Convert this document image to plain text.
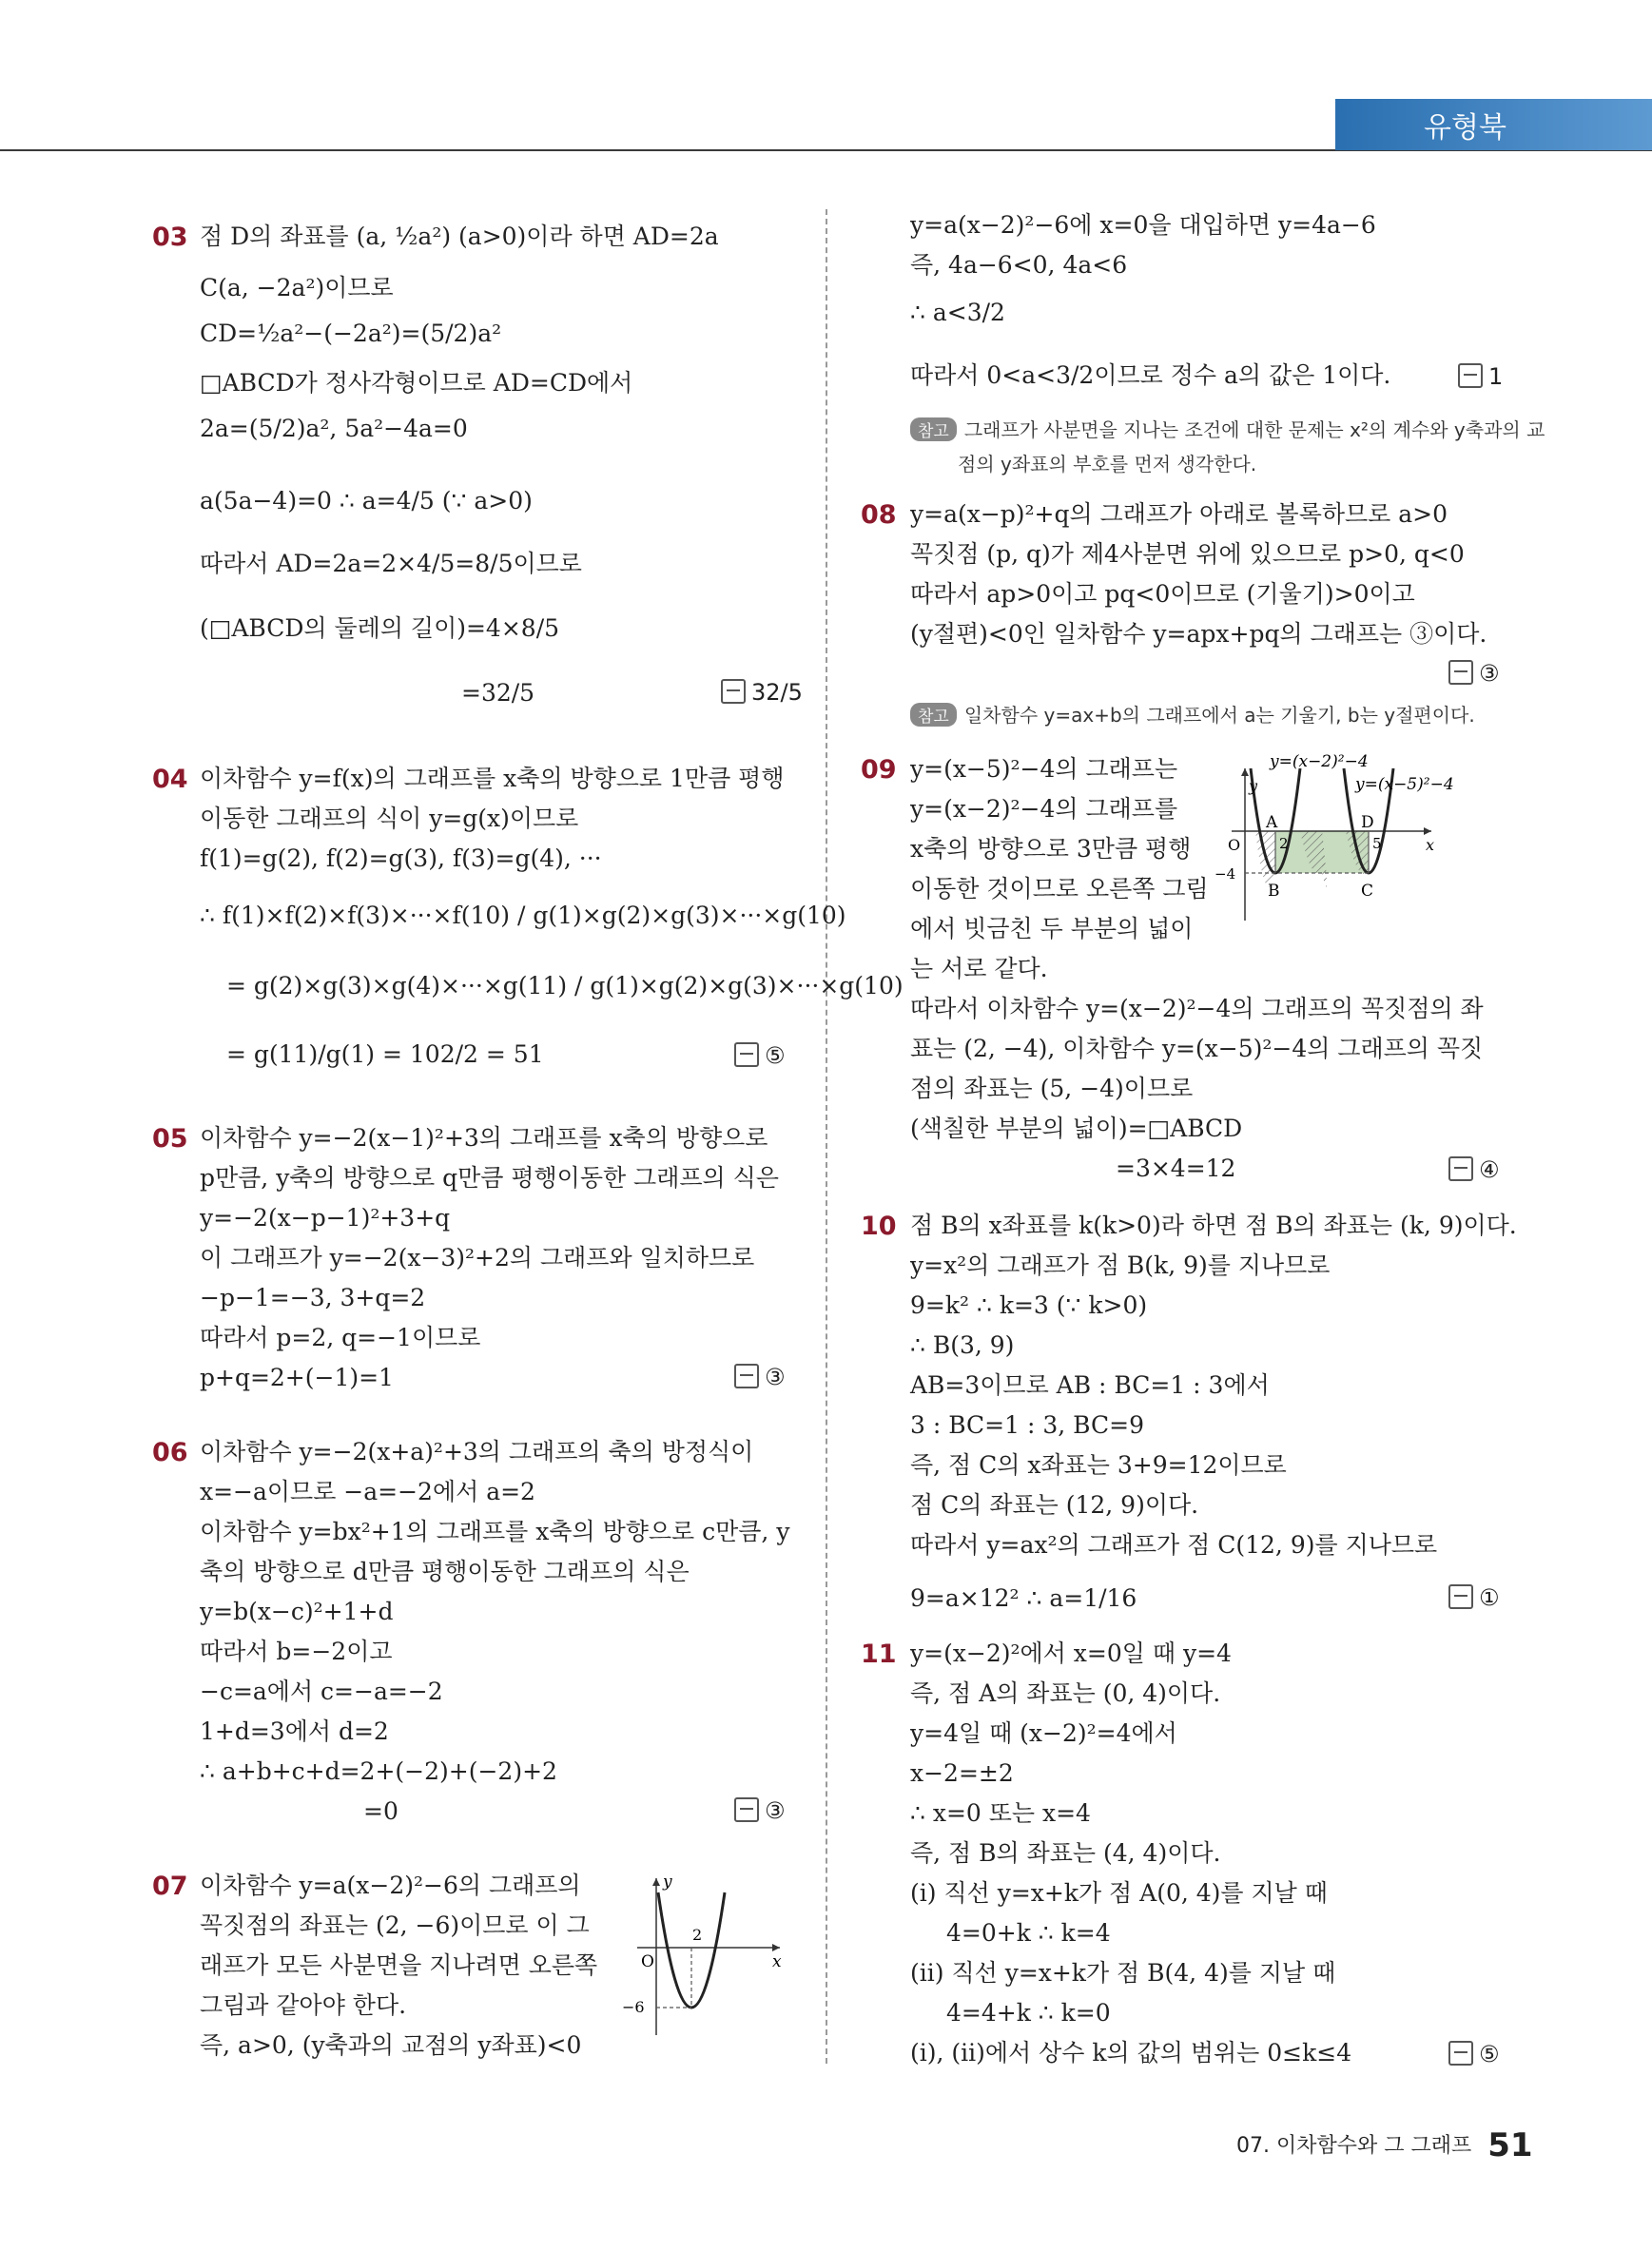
유형북
03 점 D의 좌표를 (a, ½a²) (a>0)이라 하면 AD=2a
C(a, −2a²)이므로
CD=½a²−(−2a²)=(5/2)a²
□ABCD가 정사각형이므로 AD=CD에서
2a=(5/2)a², 5a²−4a=0
a(5a−4)=0 ∴ a=4/5 (∵ a>0)
따라서 AD=2a=2×4/5=8/5이므로
(□ABCD의 둘레의 길이)=4×8/5
=32/5	32/5
04 이차함수 y=f(x)의 그래프를 x축의 방향으로 1만큼 평행
이동한 그래프의 식이 y=g(x)이므로
f(1)=g(2), f(2)=g(3), f(3)=g(4), ···
∴ f(1)×f(2)×f(3)×···×f(10) / g(1)×g(2)×g(3)×···×g(10)
= g(2)×g(3)×g(4)×···×g(11) / g(1)×g(2)×g(3)×···×g(10)
= g(11)/g(1) = 102/2 = 51	⑤
05 이차함수 y=−2(x−1)²+3의 그래프를 x축의 방향으로
p만큼, y축의 방향으로 q만큼 평행이동한 그래프의 식은
y=−2(x−p−1)²+3+q
이 그래프가 y=−2(x−3)²+2의 그래프와 일치하므로
−p−1=−3, 3+q=2
따라서 p=2, q=−1이므로
p+q=2+(−1)=1	③
06 이차함수 y=−2(x+a)²+3의 그래프의 축의 방정식이
x=−a이므로 −a=−2에서 a=2
이차함수 y=bx²+1의 그래프를 x축의 방향으로 c만큼, y
축의 방향으로 d만큼 평행이동한 그래프의 식은
y=b(x−c)²+1+d
따라서 b=−2이고
−c=a에서 c=−a=−2
1+d=3에서 d=2
∴ a+b+c+d=2+(−2)+(−2)+2
=0	③
07 이차함수 y=a(x−2)²−6의 그래프의
꼭짓점의 좌표는 (2, −6)이므로 이 그
래프가 모든 사분면을 지나려면 오른쪽
그림과 같아야 한다.
즉, a>0, (y축과의 교점의 y좌표)<0
y
x
O
2
−6
y=a(x−2)²−6에 x=0을 대입하면 y=4a−6
즉, 4a−6<0, 4a<6
∴ a<3/2
따라서 0<a<3/2이므로 정수 a의 값은 1이다.	1
참고 그래프가 사분면을 지나는 조건에 대한 문제는 x²의 계수와 y축과의 교
점의 y좌표의 부호를 먼저 생각한다.
08 y=a(x−p)²+q의 그래프가 아래로 볼록하므로 a>0
꼭짓점 (p, q)가 제4사분면 위에 있으므로 p>0, q<0
따라서 ap>0이고 pq<0이므로 (기울기)>0이고
(y절편)<0인 일차함수 y=apx+pq의 그래프는 ③이다.
③
참고 일차함수 y=ax+b의 그래프에서 a는 기울기, b는 y절편이다.
09 y=(x−5)²−4의 그래프는
y=(x−2)²−4의 그래프를
x축의 방향으로 3만큼 평행
이동한 것이므로 오른쪽 그림
에서 빗금친 두 부분의 넓이
는 서로 같다.
따라서 이차함수 y=(x−2)²−4의 그래프의 꼭짓점의 좌
표는 (2, −4), 이차함수 y=(x−5)²−4의 그래프의 꼭짓
점의 좌표는 (5, −4)이므로
(색칠한 부분의 넓이)=□ABCD
=3×4=12	④
y=(x−2)²−4
y=(x−5)²−4
y
x
O
A	D
B	C
2	5
−4
10 점 B의 x좌표를 k(k>0)라 하면 점 B의 좌표는 (k, 9)이다.
y=x²의 그래프가 점 B(k, 9)를 지나므로
9=k² ∴ k=3 (∵ k>0)
∴ B(3, 9)
AB=3이므로 AB : BC=1 : 3에서
3 : BC=1 : 3, BC=9
즉, 점 C의 x좌표는 3+9=12이므로
점 C의 좌표는 (12, 9)이다.
따라서 y=ax²의 그래프가 점 C(12, 9)를 지나므로
9=a×12² ∴ a=1/16	①
11 y=(x−2)²에서 x=0일 때 y=4
즉, 점 A의 좌표는 (0, 4)이다.
y=4일 때 (x−2)²=4에서
x−2=±2
∴ x=0 또는 x=4
즉, 점 B의 좌표는 (4, 4)이다.
(ⅰ) 직선 y=x+k가 점 A(0, 4)를 지날 때
4=0+k ∴ k=4
(ⅱ) 직선 y=x+k가 점 B(4, 4)를 지날 때
4=4+k ∴ k=0
(ⅰ), (ⅱ)에서 상수 k의 값의 범위는 0≤k≤4	⑤
07. 이차함수와 그 그래프 51
